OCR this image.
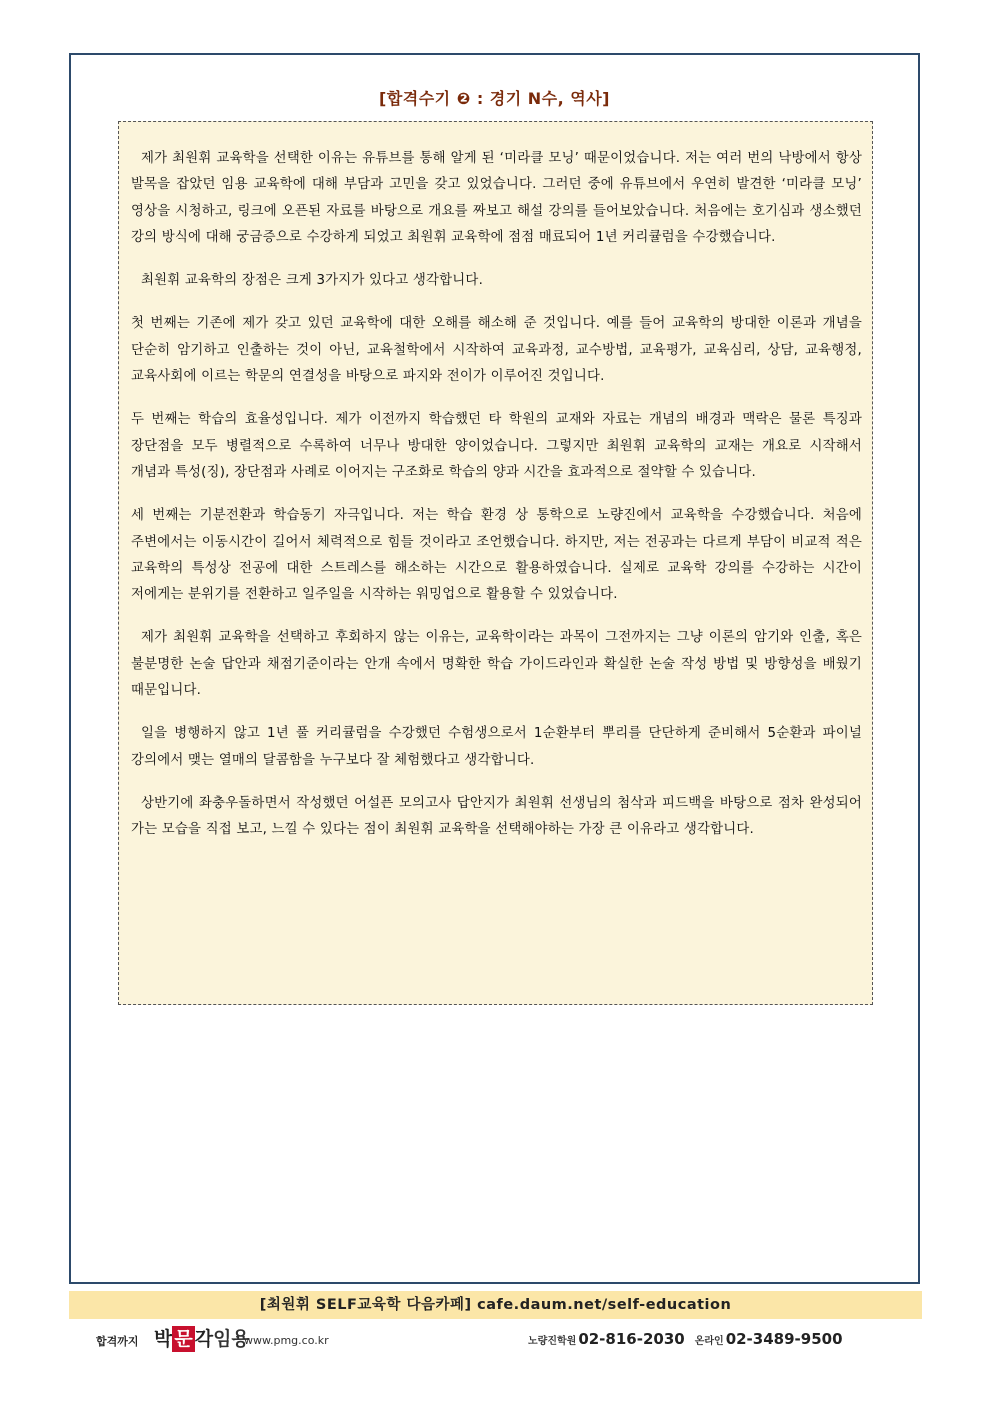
[합격수기 ❷ : 경기 N수, 역사]

제가 최원휘 교육학을 선택한 이유는 유튜브를 통해 알게 된 ‘미라클 모닝’ 때문이었습니다. 저는 여러 번의 낙방에서 항상 발목을 잡았던 임용 교육학에 대해 부담과 고민을 갖고 있었습니다. 그러던 중에 유튜브에서 우연히 발견한 ‘미라클 모닝’ 영상을 시청하고, 링크에 오픈된 자료를 바탕으로 개요를 짜보고 해설 강의를 들어보았습니다. 처음에는 호기심과 생소했던 강의 방식에 대해 궁금증으로 수강하게 되었고 최원휘 교육학에 점점 매료되어 1년 커리큘럼을 수강했습니다.

최원휘 교육학의 장점은 크게 3가지가 있다고 생각합니다.

첫 번째는 기존에 제가 갖고 있던 교육학에 대한 오해를 해소해 준 것입니다. 예를 들어 교육학의 방대한 이론과 개념을 단순히 암기하고 인출하는 것이 아닌, 교육철학에서 시작하여 교육과정, 교수방법, 교육평가, 교육심리, 상담, 교육행정, 교육사회에 이르는 학문의 연결성을 바탕으로 파지와 전이가 이루어진 것입니다.

두 번째는 학습의 효율성입니다. 제가 이전까지 학습했던 타 학원의 교재와 자료는 개념의 배경과 맥락은 물론 특징과 장단점을 모두 병렬적으로 수록하여 너무나 방대한 양이었습니다. 그렇지만 최원휘 교육학의 교재는 개요로 시작해서 개념과 특성(징), 장단점과 사례로 이어지는 구조화로 학습의 양과 시간을 효과적으로 절약할 수 있습니다.

세 번째는 기분전환과 학습동기 자극입니다. 저는 학습 환경 상 통학으로 노량진에서 교육학을 수강했습니다. 처음에 주변에서는 이동시간이 길어서 체력적으로 힘들 것이라고 조언했습니다. 하지만, 저는 전공과는 다르게 부담이 비교적 적은 교육학의 특성상 전공에 대한 스트레스를 해소하는 시간으로 활용하였습니다. 실제로 교육학 강의를 수강하는 시간이 저에게는 분위기를 전환하고 일주일을 시작하는 워밍업으로 활용할 수 있었습니다.

제가 최원휘 교육학을 선택하고 후회하지 않는 이유는, 교육학이라는 과목이 그전까지는 그냥 이론의 암기와 인출, 혹은 불분명한 논술 답안과 채점기준이라는 안개 속에서 명확한 학습 가이드라인과 확실한 논술 작성 방법 및 방향성을 배웠기 때문입니다.

일을 병행하지 않고 1년 풀 커리큘럼을 수강했던 수험생으로서 1순환부터 뿌리를 단단하게 준비해서 5순환과 파이널 강의에서 맺는 열매의 달콤함을 누구보다 잘 체험했다고 생각합니다.

상반기에 좌충우돌하면서 작성했던 어설픈 모의고사 답안지가 최원휘 선생님의 첨삭과 피드백을 바탕으로 점차 완성되어 가는 모습을 직접 보고, 느낄 수 있다는 점이 최원휘 교육학을 선택해야하는 가장 큰 이유라고 생각합니다.

[최원휘 SELF교육학 다음카페] cafe.daum.net/self-education
합격까지 박 문 각임용
www.pmg.co.kr	노량진학원 02-816-2030 온라인 02-3489-9500
